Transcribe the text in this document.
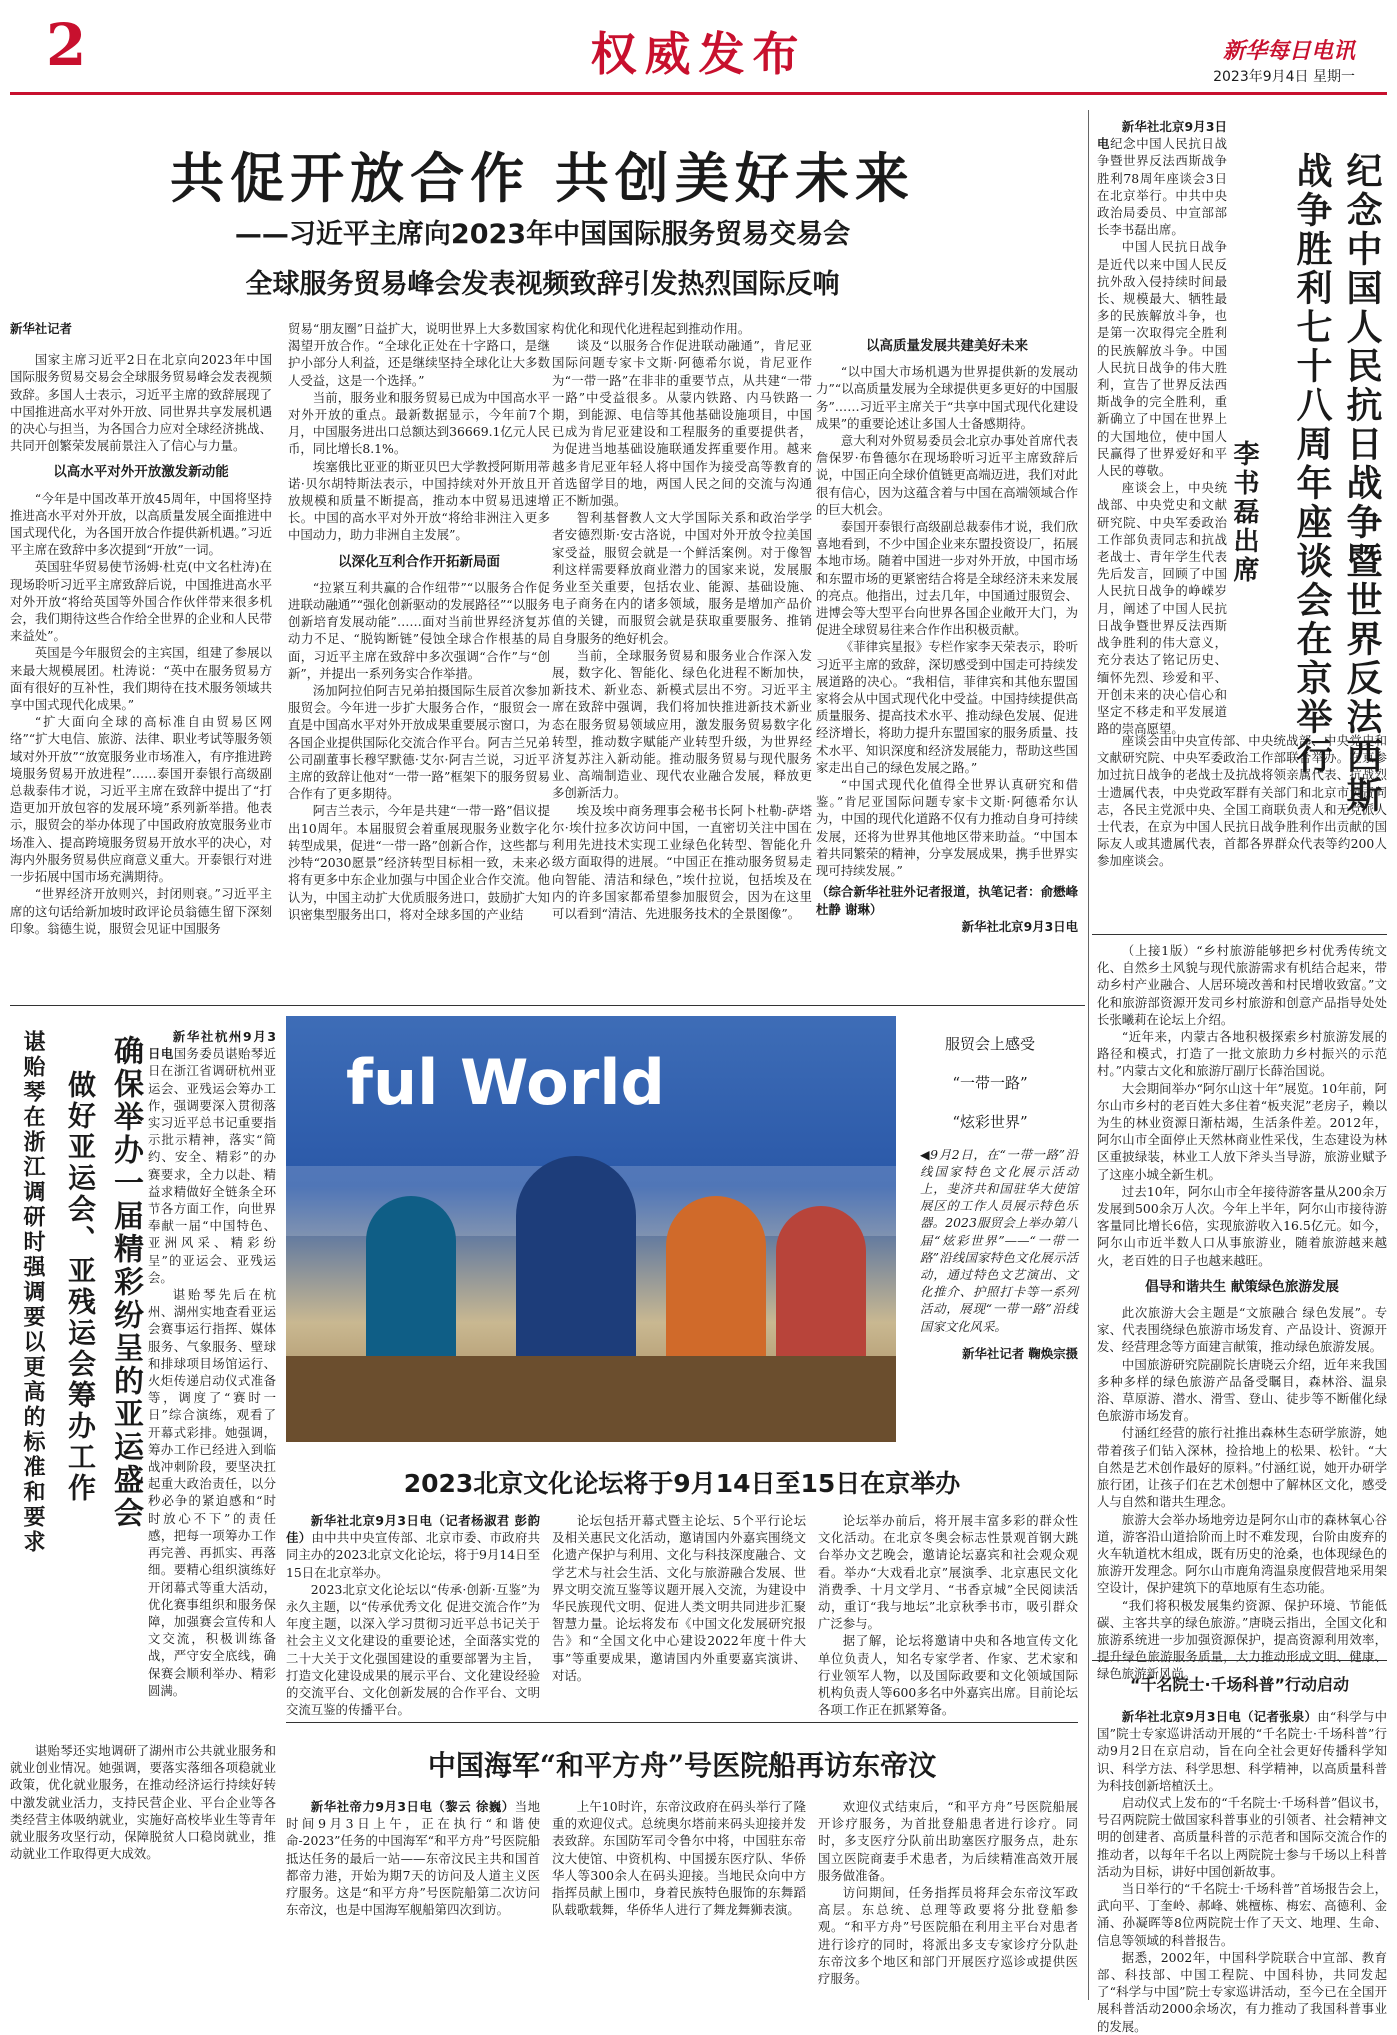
2	权威发布	新华每日电讯
2023年9月4日 星期一
共促开放合作 共创美好未来
——习近平主席向2023年中国国际服务贸易交易会
全球服务贸易峰会发表视频致辞引发热烈国际反响
新华社记者

国家主席习近平2日在北京向2023年中国国际服务贸易交易会全球服务贸易峰会发表视频致辞。多国人士表示，习近平主席的致辞展现了中国推进高水平对外开放、同世界共享发展机遇的决心与担当，为各国合力应对全球经济挑战、共同开创繁荣发展前景注入了信心与力量。

以高水平对外开放激发新动能

“今年是中国改革开放45周年，中国将坚持推进高水平对外开放，以高质量发展全面推进中国式现代化，为各国开放合作提供新机遇。”习近平主席在致辞中多次提到“开放”一词。

英国驻华贸易使节汤姆·杜克(中文名杜涛)在现场聆听习近平主席致辞后说，中国推进高水平对外开放“将给英国等外国合作伙伴带来很多机会，我们期待这些合作给全世界的企业和人民带来益处”。

英国是今年服贸会的主宾国，组建了参展以来最大规模展团。杜涛说：“英中在服务贸易方面有很好的互补性，我们期待在技术服务领域共享中国式现代化成果。”

“扩大面向全球的高标准自由贸易区网络”“扩大电信、旅游、法律、职业考试等服务领域对外开放”“放宽服务业市场准入，有序推进跨境服务贸易开放进程”……泰国开泰银行高级副总裁泰伟才说，习近平主席在致辞中提出了“打造更加开放包容的发展环境”系列新举措。他表示，服贸会的举办体现了中国政府放宽服务业市场准入、提高跨境服务贸易开放水平的决心，对海内外服务贸易供应商意义重大。开泰银行对进一步拓展中国市场充满期待。

“世界经济开放则兴，封闭则衰。”习近平主席的这句话给新加坡时政评论员翁德生留下深刻印象。翁德生说，服贸会见证中国服务

贸易“朋友圈”日益扩大，说明世界上大多数国家渴望开放合作。“全球化正处在十字路口，是继护小部分人利益，还是继续坚持全球化让大多数人受益，这是一个选择。”

当前，服务业和服务贸易已成为中国高水平对外开放的重点。最新数据显示，今年前7个月，中国服务进出口总额达到36669.1亿元人民币，同比增长8.1%。

埃塞俄比亚亚的斯亚贝巴大学教授阿斯用蒂诺·贝尔胡特斯法表示，中国持续对外开放且开放规模和质量不断提高，推动本中贸易迅速增长。中国的高水平对外开放“将给非洲注入更多中国动力，助力非洲自主发展”。

以深化互利合作开拓新局面

“拉紧互利共赢的合作纽带”“以服务合作促进联动融通”“强化创新驱动的发展路径”“以服务创新培育发展动能”……面对当前世界经济复苏动力不足、“脱钩断链”侵蚀全球合作根基的局面，习近平主席在致辞中多次强调“合作”与“创新”，并提出一系列务实合作举措。

汤加阿拉伯阿吉兄弟拍摄国际生辰首次参加服贸会。今年进一步扩大服务合作，“服贸会一直是中国高水平对外开放成果重要展示窗口，为各国企业提供国际化交流合作平台。阿吉兰兄弟公司副董事长穆罕默德·艾尔·阿吉兰说，习近平主席的致辞让他对“一带一路”框架下的服务贸易合作有了更多期待。

阿吉兰表示，今年是共建“一带一路”倡议提出10周年。本届服贸会着重展现服务业数字化转型成果，促进“一带一路”创新合作，这些都与沙特“2030愿景”经济转型目标相一致，未来必将有更多中东企业加强与中国企业合作交流。他认为，中国主动扩大优质服务进口，鼓励扩大知识密集型服务出口，将对全球多国的产业结

构优化和现代化进程起到推动作用。

谈及“以服务合作促进联动融通”，肯尼亚国际问题专家卡文斯·阿德希尔说，肯尼亚作为“一带一路”在非非的重要节点，从共建“一带一路”中受益很多。从蒙内铁路、内马铁路一期，到能源、电信等其他基础设施项目，中国已成为肯尼亚建设和工程服务的重要提供者，为促进当地基础设施联通发挥重要作用。越来越多肯尼亚年轻人将中国作为接受高等教育的首选留学目的地，两国人民之间的交流与沟通正不断加强。

智利基督教人文大学国际关系和政治学学者安德烈斯·安古洛说，中国对外开放令拉美国家受益，服贸会就是一个鲜活案例。对于像智利这样需要释放商业潜力的国家来说，发展服务业至关重要，包括农业、能源、基础设施、电子商务在内的诸多领域，服务是增加产品价值的关键，而服贸会就是获取重要服务、推销自身服务的绝好机会。

当前，全球服务贸易和服务业合作深入发展，数字化、智能化、绿色化进程不断加快，新技术、新业态、新模式层出不穷。习近平主席在致辞中强调，我们将加快推进新技术新业态在服务贸易领域应用，激发服务贸易数字化转型，推动数字赋能产业转型升级，为世界经济复苏注入新动能。推动服务贸易与现代服务业、高端制造业、现代农业融合发展，释放更多创新活力。

埃及埃中商务理事会秘书长阿卜杜勒-萨塔尔·埃什拉多次访问中国，一直密切关注中国在利用先进技术实现工业绿色化转型、智能化升级方面取得的进展。“中国正在推动服务贸易走向智能、清洁和绿色，”埃什拉说，包括埃及在内的许多国家都希望参加服贸会，因为在这里可以看到“清洁、先进服务技术的全景图像”。

以高质量发展共建美好未来

“以中国大市场机遇为世界提供新的发展动力”“以高质量发展为全球提供更多更好的中国服务”……习近平主席关于“共享中国式现代化建设成果”的重要论述让多国人士备感期待。

意大利对外贸易委员会北京办事处首席代表詹保罗·布鲁德尔在现场聆听习近平主席致辞后说，中国正向全球价值链更高端迈进，我们对此很有信心，因为这蕴含着与中国在高端领域合作的巨大机会。

泰国开泰银行高级副总裁泰伟才说，我们欣喜地看到，不少中国企业来东盟投资设厂，拓展本地市场。随着中国进一步对外开放，中国市场和东盟市场的更紧密结合将是全球经济未来发展的亮点。他指出，过去几年，中国通过服贸会、进博会等大型平台向世界各国企业敞开大门，为促进全球贸易往来合作作出积极贡献。

《菲律宾星报》专栏作家李天荣表示，聆听习近平主席的致辞，深切感受到中国走可持续发展道路的决心。“我相信，菲律宾和其他东盟国家将会从中国式现代化中受益。中国持续提供高质量服务、提高技术水平、推动绿色发展、促进经济增长，将助力提升东盟国家的服务质量、技术水平、知识深度和经济发展能力，帮助这些国家走出自己的绿色发展之路。”

“中国式现代化值得全世界认真研究和借鉴。”肯尼亚国际问题专家卡文斯·阿德希尔认为，中国的现代化道路不仅有力推动自身可持续发展，还将为世界其他地区带来助益。“中国本着共同繁荣的精神，分享发展成果，携手世界实现可持续发展。”

（综合新华社驻外记者报道，执笔记者：俞懋峰 杜静 谢琳）
新华社北京9月3日电
纪念中国人民抗日战争暨世界反法西斯战争胜利七十八周年座谈会在京举行
李书磊出席

新华社北京9月3日电纪念中国人民抗日战争暨世界反法西斯战争胜利78周年座谈会3日在北京举行。中共中央政治局委员、中宣部部长李书磊出席。

中国人民抗日战争是近代以来中国人民反抗外敌入侵持续时间最长、规模最大、牺牲最多的民族解放斗争，也是第一次取得完全胜利的民族解放斗争。中国人民抗日战争的伟大胜利，宣告了世界反法西斯战争的完全胜利，重新确立了中国在世界上的大国地位，使中国人民赢得了世界爱好和平人民的尊敬。

座谈会上，中央统战部、中央党史和文献研究院、中央军委政治工作部负责同志和抗战老战士、青年学生代表先后发言，回顾了中国人民抗日战争的峥嵘岁月，阐述了中国人民抗日战争暨世界反法西斯战争胜利的伟大意义，充分表达了铭记历史、缅怀先烈、珍爱和平、开创未来的决心信心和坚定不移走和平发展道路的崇高愿望。

座谈会由中央宣传部、中央统战部、中央党史和文献研究院、中央军委政治工作部联合举办。在京参加过抗日战争的老战士及抗战将领亲属代表、抗战烈士遗属代表，中央党政军群有关部门和北京市负责同志，各民主党派中央、全国工商联负责人和无党派人士代表，在京为中国人民抗日战争胜利作出贡献的国际友人或其遗属代表，首都各界群众代表等约200人参加座谈会。

（上接1版）“乡村旅游能够把乡村优秀传统文化、自然乡土风貌与现代旅游需求有机结合起来，带动乡村产业融合、人居环境改善和村民增收致富。”文化和旅游部资源开发司乡村旅游和创意产品指导处处长张曦莉在论坛上介绍。

“近年来，内蒙古各地积极探索乡村旅游发展的路径和模式，打造了一批文旅助力乡村振兴的示范村。”内蒙古文化和旅游厅副厅长薛治国说。

大会期间举办“阿尔山这十年”展览。10年前，阿尔山市乡村的老百姓大多住着“板夹泥”老房子，赖以为生的林业资源日渐枯竭，生活条件差。2012年，阿尔山市全面停止天然林商业性采伐，生态建设为林区重披绿装，林业工人放下斧头当导游，旅游业赋予了这座小城全新生机。

过去10年，阿尔山市全年接待游客量从200余万发展到500余万人次。今年上半年，阿尔山市接待游客量同比增长6倍，实现旅游收入16.5亿元。如今，阿尔山市近半数人口从事旅游业，随着旅游越来越火，老百姓的日子也越来越旺。

倡导和谐共生 献策绿色旅游发展

此次旅游大会主题是“文旅融合 绿色发展”。专家、代表围绕绿色旅游市场发育、产品设计、资源开发、经营理念等方面建言献策，推动绿色旅游发展。

中国旅游研究院副院长唐晓云介绍，近年来我国多种多样的绿色旅游产品备受瞩目，森林浴、温泉浴、草原游、潜水、滑雪、登山、徒步等不断催化绿色旅游市场发育。

付涵红经营的旅行社推出森林生态研学旅游，她带着孩子们钻入深林，捡拾地上的松果、松针。“大自然是艺术创作最好的原料。”付涵红说，她开办研学旅行团，让孩子们在艺术创想中了解林区文化，感受人与自然和谐共生理念。

旅游大会举办场地旁边是阿尔山市的森林氧心谷道，游客沿山道拾阶而上时不难发现，台阶由废弃的火车轨道枕木组成，既有历史的沧桑，也体现绿色的旅游开发理念。阿尔山市鹿角湾温泉度假营地采用架空设计，保护建筑下的草地原有生态功能。

“我们将积极发展集约资源、保护环境、节能低碳、主客共享的绿色旅游。”唐晓云指出，全国文化和旅游系统进一步加强资源保护，提高资源利用效率，提升绿色旅游服务质量，大力推动形成文明、健康、绿色旅游新风尚。

“千名院士·千场科普”行动启动

新华社北京9月3日电（记者张泉）由“科学与中国”院士专家巡讲活动开展的“千名院士·千场科普”行动9月2日在京启动，旨在向全社会更好传播科学知识、科学方法、科学思想、科学精神，以高质量科普为科技创新培植沃土。

启动仪式上发布的“千名院士·千场科普”倡议书，号召两院院士做国家科普事业的引领者、社会精神文明的创建者、高质量科普的示范者和国际交流合作的推动者，以每年千名以上两院院士参与千场以上科普活动为目标，讲好中国创新故事。

当日举行的“千名院士·千场科普”首场报告会上，武向平、丁奎岭、郝峰、姚檀栋、梅宏、高德利、金涌、孙凝晖等8位两院院士作了天文、地理、生命、信息等领域的科普报告。

据悉，2002年，中国科学院联合中宣部、教育部、科技部、中国工程院、中国科协，共同发起了“科学与中国”院士专家巡讲活动，至今已在全国开展科普活动2000余场次，有力推动了我国科普事业的发展。

确保举办一届精彩纷呈的亚运盛会
做好亚运会、亚残运会筹办工作
谌贻琴在浙江调研时强调要以更高的标准和要求	新华社杭州9月3日电国务委员谌贻琴近日在浙江省调研杭州亚运会、亚残运会筹办工作，强调要深入贯彻落实习近平总书记重要指示批示精神，落实“简约、安全、精彩”的办赛要求，全力以赴、精益求精做好全链条全环节各方面工作，向世界奉献一届“中国特色、亚洲风采、精彩纷呈”的亚运会、亚残运会。

谌贻琴先后在杭州、湖州实地查看亚运会赛事运行指挥、媒体服务、气象服务、壁球和排球项目场馆运行、火炬传递启动仪式准备等，调度了“赛时一日”综合演练，观看了开幕式彩排。她强调，筹办工作已经进入到临战冲刺阶段，要坚决扛起重大政治责任，以分秒必争的紧迫感和“时时放心不下”的责任感，把每一项筹办工作再完善、再抓实、再落细。要精心组织演练好开闭幕式等重大活动，优化赛事组织和服务保障，加强赛会宣传和人文交流，积极训练备战，严守安全底线，确保赛会顺利举办、精彩圆满。

谌贻琴还实地调研了湖州市公共就业服务和就业创业情况。她强调，要落实落细各项稳就业政策，优化就业服务，在推动经济运行持续好转中激发就业活力，支持民营企业、平台企业等各类经营主体吸纳就业，实施好高校毕业生等青年就业服务攻坚行动，保障脱贫人口稳岗就业，推动就业工作取得更大成效。

ful World
服贸会上感受
“一带一路”
“炫彩世界”
◀9月2日，在“一带一路”沿线国家特色文化展示活动上，斐济共和国驻华大使馆展区的工作人员展示特色乐器。2023服贸会上举办第八届“炫彩世界”——“一带一路”沿线国家特色文化展示活动，通过特色文艺演出、文化推介、护照打卡等一系列活动，展现“一带一路”沿线国家文化风采。
新华社记者 鞠焕宗摄
2023北京文化论坛将于9月14日至15日在京举办

新华社北京9月3日电（记者杨淑君 彭韵佳）由中共中央宣传部、北京市委、市政府共同主办的2023北京文化论坛，将于9月14日至15日在北京举办。

2023北京文化论坛以“传承·创新·互鉴”为永久主题，以“传承优秀文化 促进交流合作”为年度主题，以深入学习贯彻习近平总书记关于社会主义文化建设的重要论述，全面落实党的二十大关于文化强国建设的重要部署为主旨，打造文化建设成果的展示平台、文化建设经验的交流平台、文化创新发展的合作平台、文明交流互鉴的传播平台。

论坛包括开幕式暨主论坛、5个平行论坛及相关惠民文化活动，邀请国内外嘉宾围绕文化遗产保护与利用、文化与科技深度融合、文学艺术与社会生活、文化与旅游融合发展、世界文明交流互鉴等议题开展入交流，为建设中华民族现代文明、促进人类文明共同进步汇聚智慧力量。论坛将发布《中国文化发展研究报告》和“全国文化中心建设2022年度十件大事”等重要成果，邀请国内外重要嘉宾演讲、对话。

论坛举办前后，将开展丰富多彩的群众性文化活动。在北京冬奥会标志性景观首钢大跳台举办文艺晚会，邀请论坛嘉宾和社会观众观看。举办“大戏看北京”展演季、北京惠民文化消费季、十月文学月、“书香京城”全民阅读活动，重订“我与地坛”北京秋季书市，吸引群众广泛参与。

据了解，论坛将邀请中央和各地宣传文化单位负责人，知名专家学者、作家、艺术家和行业领军人物，以及国际政要和文化领域国际机构负责人等600多名中外嘉宾出席。目前论坛各项工作正在抓紧筹备。

中国海军“和平方舟”号医院船再访东帝汶

新华社帝力9月3日电（黎云 徐巍）当地时间9月3日上午，正在执行“和谐使命-2023”任务的中国海军“和平方舟”号医院船抵达任务的最后一站——东帝汶民主共和国首都帝力港，开始为期7天的访问及人道主义医疗服务。这是“和平方舟”号医院船第二次访问东帝汶，也是中国海军舰船第四次到访。

上午10时许，东帝汶政府在码头举行了隆重的欢迎仪式。总统奥尔塔前来码头迎接并发表致辞。东国防军司令鲁尔中将，中国驻东帝汶大使馆、中资机构、中国援东医疗队、华侨华人等300余人在码头迎接。当地民众向中方指挥员献上围巾，身着民族特色服饰的东舞蹈队载歌载舞，华侨华人进行了舞龙舞狮表演。

欢迎仪式结束后，“和平方舟”号医院船展开诊疗服务，为首批登船患者进行诊疗。同时，多支医疗分队前出助塞医疗服务点，赴东国立医院商妻手术患者，为后续精准高效开展服务做准备。

访问期间，任务指挥员将拜会东帝汶军政高层。东总统、总理等政要将分批登船参观。“和平方舟”号医院船在利用主平台对患者进行诊疗的同时，将派出多支专家诊疗分队赴东帝汶多个地区和部门开展医疗巡诊或提供医疗服务。
